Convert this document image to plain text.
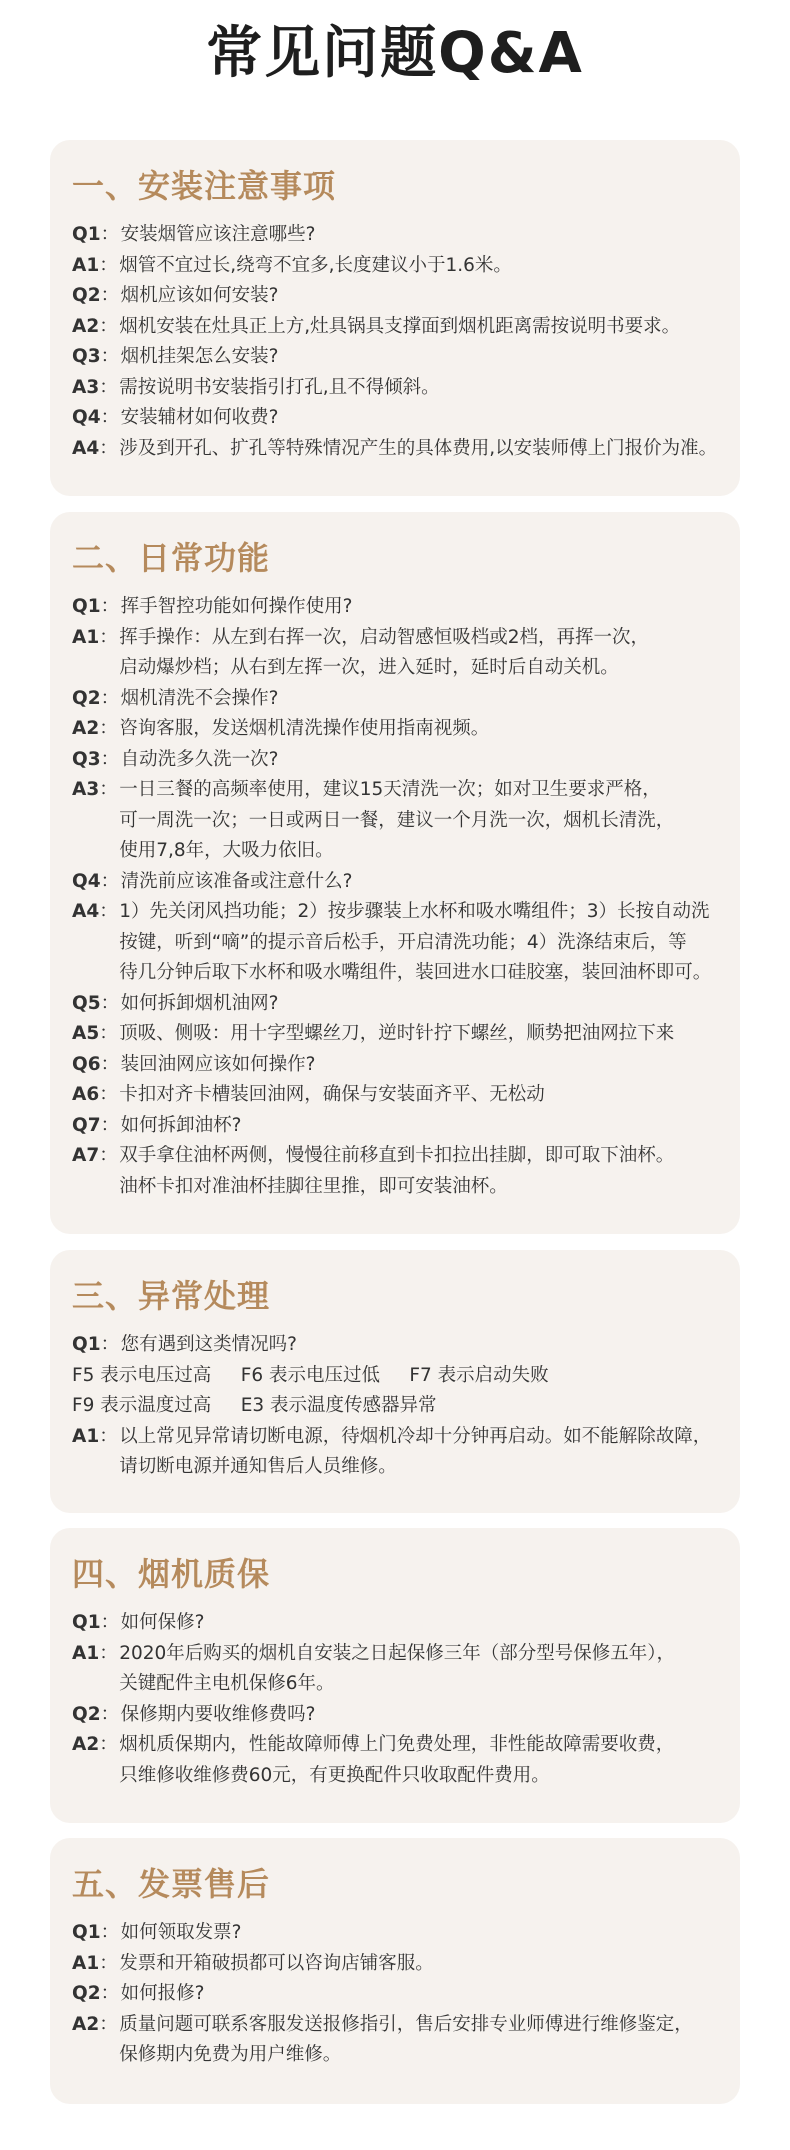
常见问题Q&A
一、安装注意事项
Q1 ： 安装烟管应该注意哪些?
A1 ： 烟管不宜过长,绕弯不宜多,长度建议小于1.6米。
Q2 ： 烟机应该如何安装?
A2 ： 烟机安装在灶具正上方,灶具锅具支撑面到烟机距离需按说明书要求。
Q3 ： 烟机挂架怎么安装?
A3 ： 需按说明书安装指引打孔,且不得倾斜。
Q4 ： 安装辅材如何收费?
A4 ： 涉及到开孔、扩孔等特殊情况产生的具体费用,以安装师傅上门报价为准。
二、日常功能
Q1 ： 挥手智控功能如何操作使用?
A1 ： 挥手操作：从左到右挥一次，启动智感恒吸档或2档，再挥一次，
启动爆炒档；从右到左挥一次，进入延时，延时后自动关机。
Q2 ： 烟机清洗不会操作?
A2 ： 咨询客服，发送烟机清洗操作使用指南视频。
Q3 ： 自动洗多久洗一次?
A3 ： 一日三餐的高频率使用，建议15天清洗一次；如对卫生要求严格，
可一周洗一次；一日或两日一餐，建议一个月洗一次，烟机长清洗，
使用7,8年，大吸力依旧。
Q4 ： 清洗前应该准备或注意什么?
A4 ： 1）先关闭风挡功能；2）按步骤装上水杯和吸水嘴组件；3）长按自动洗
按键，听到“嘀”的提示音后松手，开启清洗功能；4）洗涤结束后，等
待几分钟后取下水杯和吸水嘴组件，装回进水口硅胶塞，装回油杯即可。
Q5 ： 如何拆卸烟机油网?
A5 ： 顶吸、侧吸：用十字型螺丝刀，逆时针拧下螺丝，顺势把油网拉下来
Q6 ： 装回油网应该如何操作?
A6 ： 卡扣对齐卡槽装回油网，确保与安装面齐平、无松动
Q7 ： 如何拆卸油杯?
A7 ： 双手拿住油杯两侧，慢慢往前移直到卡扣拉出挂脚，即可取下油杯。
油杯卡扣对准油杯挂脚往里推，即可安装油杯。
三、异常处理
Q1 ： 您有遇到这类情况吗?
F5 表示电压过高     F6 表示电压过低     F7 表示启动失败
F9 表示温度过高     E3 表示温度传感器异常
A1 ： 以上常见异常请切断电源，待烟机冷却十分钟再启动。如不能解除故障，
请切断电源并通知售后人员维修。
四、烟机质保
Q1 ： 如何保修?
A1 ： 2020年后购买的烟机自安装之日起保修三年（部分型号保修五年），
关键配件主电机保修6年。
Q2 ： 保修期内要收维修费吗?
A2 ： 烟机质保期内，性能故障师傅上门免费处理，非性能故障需要收费，
只维修收维修费60元，有更换配件只收取配件费用。
五、发票售后
Q1 ： 如何领取发票?
A1 ： 发票和开箱破损都可以咨询店铺客服。
Q2 ： 如何报修?
A2 ： 质量问题可联系客服发送报修指引，售后安排专业师傅进行维修鉴定，
保修期内免费为用户维修。
